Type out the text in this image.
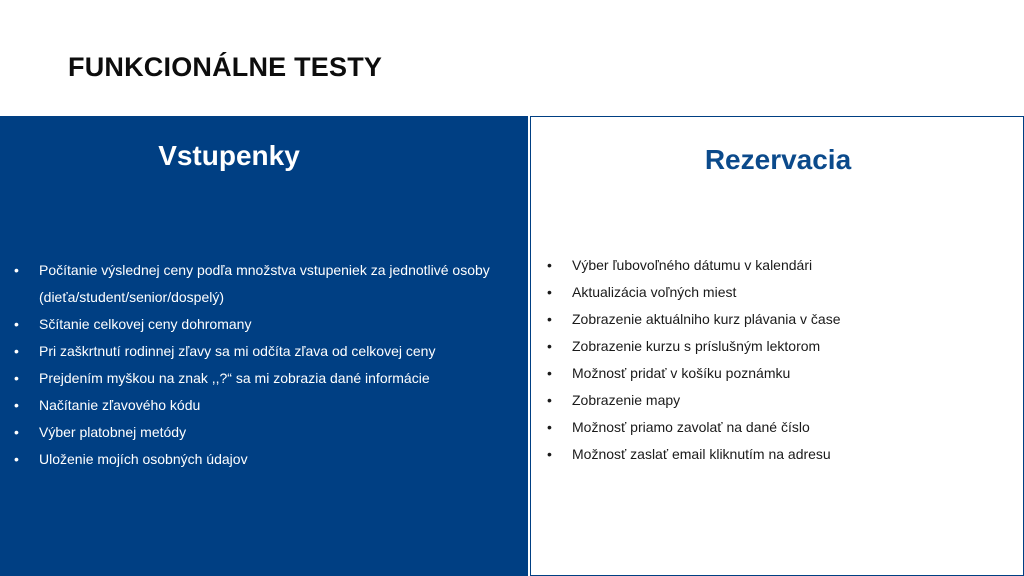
FUNKCIONÁLNE TESTY
Vstupenky
• Počítanie výslednej ceny podľa množstva vstupeniek za jednotlivé osoby (dieťa/student/senior/dospelý)
• Sčítanie celkovej ceny dohromany
• Pri zaškrtnutí rodinnej zľavy sa mi odčíta zľava od celkovej ceny
• Prejdením myškou na znak ,,?“ sa mi zobrazia dané informácie
• Načítanie zľavového kódu
• Výber platobnej metódy
• Uloženie mojích osobných údajov
Rezervacia
• Výber ľubovoľného dátumu v kalendári
• Aktualizácia voľných miest
• Zobrazenie aktuálniho kurz plávania v čase
• Zobrazenie kurzu s príslušným lektorom
• Možnosť pridať v košíku poznámku
• Zobrazenie mapy
• Možnosť priamo zavolať na dané číslo
• Možnosť zaslať email kliknutím na adresu
